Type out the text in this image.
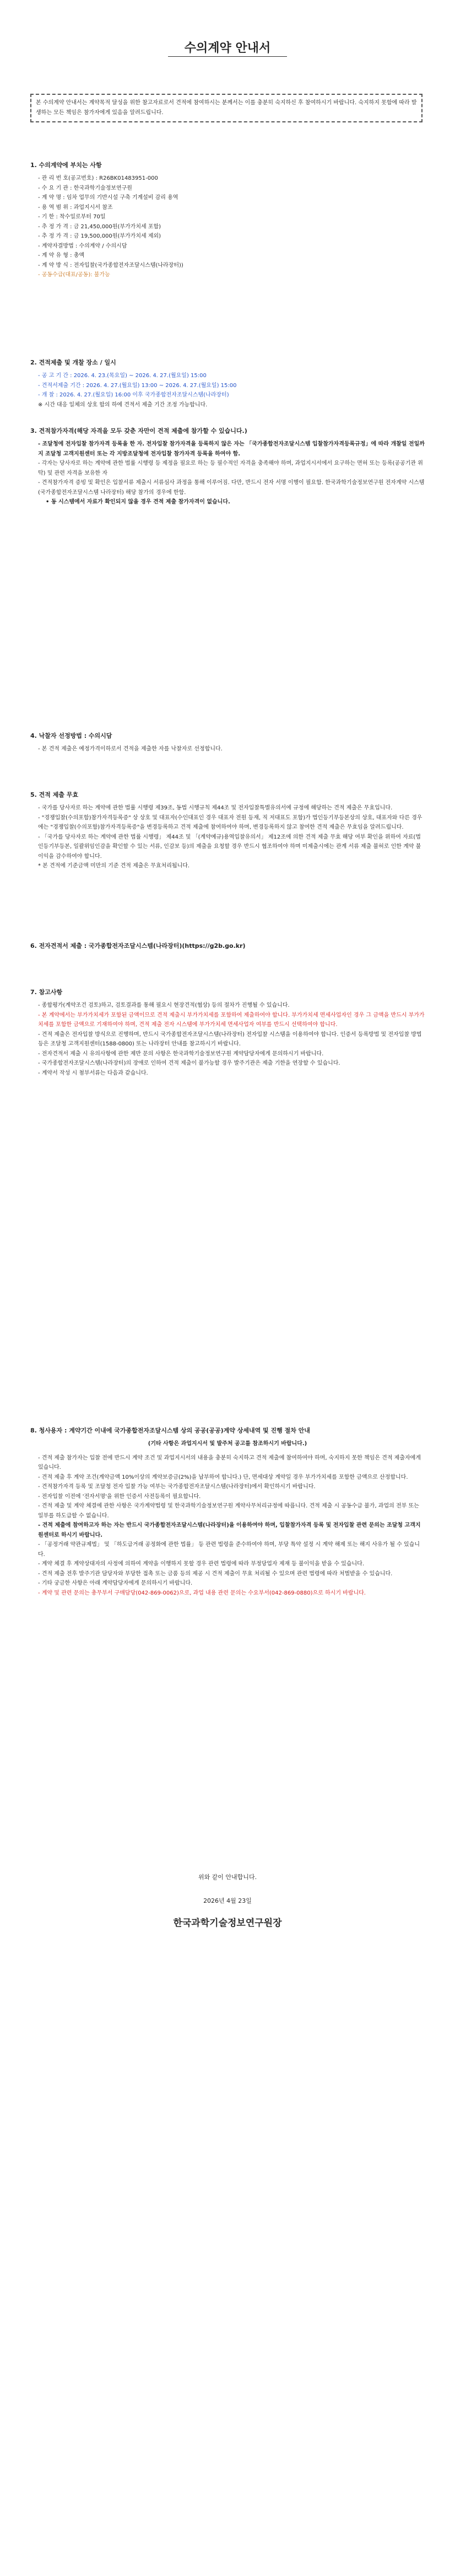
수의계약 안내서
본 수의계약 안내서는 계약목적 달성을 위한 참고자료로서 견적에 참여하시는 분께서는 이를 충분히 숙지하신 후 참여하시기 바랍니다. 숙지하지 못함에 따라 발생하는 모든 책임은 참가자에게 있음을 알려드립니다.

1. 수의계약에 부치는 사항

- 관 리 번 호(공고번호) : R26BK01483951-000

- 수 요 기 관 : 한국과학기술정보연구원

- 계 약 명 : 임차 업무의 기반시설 구축 기계설비 감리 용역

- 용 역 범 위 : 과업지시서 참조

- 기 한 : 착수일로부터 70일

- 추 정 가 격 : 금 21,450,000원(부가가치세 포함)

- 추 정 가 격 : 금 19,500,000원(부가가치세 제외)

- 계약자결방법 : 수의계약 / 수의시담

- 계 약 유 형 : 총액

- 계 약 방 식 : 전자입찰(국가종합전자조달시스템(나라장터))

- 공동수급(대표/공동): 불가능

2. 견적제출 및 개찰 장소 / 일시

- 공 고 기 간 : 2026. 4. 23.(목요일) ~ 2026. 4. 27.(월요일) 15:00

- 견적서제출 기간 : 2026. 4. 27.(월요일) 13:00 ~ 2026. 4. 27.(월요일) 15:00

- 개 찰 : 2026. 4. 27.(월요일) 16:00 이후 국가종합전자조달시스템(나라장터)

※ 시간 대응 일체의 상호 합의 하에 견적서 제출 기간 조정 가능합니다.

3. 견적참가자격(해당 자격을 모두 갖춘 자만이 견적 제출에 참가할 수 있습니다.)

- 조달청에 전자입찰 참가자격 등록을 한 자. 전자입찰 참가자격을 등록하지 않은 자는 「국가종합전자조달시스템 입찰참가자격등록규정」에 따라 개찰일 전일까지 조달청 고객지원센터 또는 각 지방조달청에 전자입찰 참가자격 등록을 하여야 함.

- 각자는 당사자로 하는 계약에 관한 법률 시행령 등 제정을 필요로 하는 등 필수적인 자격을 충족해야 하며, 과업지시서에서 요구하는 면허 또는 등록(공공기관 위탁) 및 관련 자격을 보유한 자

- 견적참가자격 증빙 및 확인은 입찰서류 제출시 서류심사 과정을 통해 이루어짐. 다만, 반드시 전자 서명 이행이 필요함. 한국과학기술정보연구원 전자계약 시스템(국가종합전자조달시스템 나라장터) 해당 참가의 경우에 한함.

• 동 시스템에서 자료가 확인되지 않을 경우 견적 제출 참가자격이 없습니다.

4. 낙찰자 선정방법 : 수의시담

- 본 견적 제출은 예정가격이하로서 견적을 제출한 자를 낙찰자로 선정합니다.

5. 견적 제출 무효

- 국가를 당사자로 하는 계약에 관한 법률 시행령 제39조, 동법 시행규칙 제44조 및 전자입찰특별유의서에 규정에 해당하는 견적 제출은 무효입니다.

- "경쟁입찰(수의포함)참가자격등록증" 상 상호 및 대표자(수인대표인 경우 대표자 전원 등재, 직 저대표도 포함)가 법인등기부등본상의 상호, 대표자와 다른 경우에는 "경쟁입찰(수의포함)참가자격등록증"을 변경등록하고 견적 제출에 참여하여야 하며, 변경등록하지 않고 참여한 견적 제출은 무효임을 알려드립니다.

- 「국가를 당사자로 하는 계약에 관한 법률 시행령」 제44조 및 「(계약예규)용역입찰유의서」 제12조에 의한 견적 제출 무효 해당 여부 확인을 위하여 자료(법인등기부등본, 일괄위임인감을 확인할 수 있는 서류, 인감보 등)의 제출을 요청할 경우 반드시 협조하여야 하며 미제출시에는 관계 서류 제출 불허로 인한 계약 불이익을 감수하여야 합니다.

* 본 견적에 기준금액 미만의 기준 견적 제출은 무효처리됩니다.

6. 전자견적서 제출 : 국가종합전자조달시스템(나라장터)(https://g2b.go.kr)

7. 참고사항

- 종합평가(계약조건 검토)하고, 검토결과를 통해 필요시 현장견적(협상) 등의 절차가 진행될 수 있습니다.

- 본 계약에서는 부가가치세가 포함된 금액이므로 견적 제출시 부가가치세를 포함하여 제출하여야 합니다. 부가가치세 면세사업자인 경우 그 금액을 반드시 부가가치세를 포함한 금액으로 기재하여야 하며, 견적 제출 전자 시스템에 부가가치세 면세사업자 여부를 반드시 선택하여야 합니다.

- 견적 제출은 전자입찰 방식으로 진행하며, 반드시 국가종합전자조달시스템(나라장터) 전자입찰 시스템을 이용하여야 합니다. 인증서 등록방법 및 전자입찰 방법 등은 조달청 고객지원센터(1588-0800) 또는 나라장터 안내를 참고하시기 바랍니다.

- 전자견적서 제출 시 유의사항에 관한 제반 문의 사항은 한국과학기술정보연구원 계약담당자에게 문의하시기 바랍니다.

- 국가종합전자조달시스템(나라장터)의 장애로 인하여 견적 제출이 불가능할 경우 발주기관은 제출 기한을 연장할 수 있습니다.

- 계약서 작성 시 첨부서류는 다음과 같습니다.

8. 청사용자 : 계약기간 이내에 국가종합전자조달시스템 상의 공공(공공)계약 상세내역 및 진행 절차 안내

(기타 사항은 과업지시서 및 발주처 공고를 참조하시기 바랍니다.)

- 견적 제출 참가자는 입찰 전에 반드시 계약 조건 및 과업지시서의 내용을 충분히 숙지하고 견적 제출에 참여하여야 하며, 숙지하지 못한 책임은 견적 제출자에게 있습니다.

- 견적 제출 후 계약 조건(계약금액 10%이상의 계약보증금(2%)을 납부하여 합니다.) 단, 면세대상 계약일 경우 부가가치세를 포함한 금액으로 산정합니다.

- 견적참가자격 등록 및 조달청 전자 입찰 가능 여부는 국가종합전자조달시스템(나라장터)에서 확인하시기 바랍니다.

- 전자입찰 이전에 '전자서명'을 위한 인증서 사전등록이 필요합니다.

- 견적 제출 및 계약 체결에 관한 사항은 국가계약법령 및 한국과학기술정보연구원 계약사무처리규정에 따릅니다. 견적 제출 시 공동수급 불가, 과업의 전부 또는 일부를 하도급할 수 없습니다.

- 견적 제출에 참여하고자 하는 자는 반드시 국가종합전자조달시스템(나라장터)을 이용하여야 하며, 입찰참가자격 등록 및 전자입찰 관련 문의는 조달청 고객지원센터로 하시기 바랍니다.

- 「공정거래 약관규제법」 및 「하도급거래 공정화에 관한 법률」 등 관련 법령을 준수하여야 하며, 부당 특약 설정 시 계약 해제 또는 해지 사유가 될 수 있습니다.

- 계약 체결 후 계약상대자의 사정에 의하여 계약을 이행하지 못할 경우 관련 법령에 따라 부정당업자 제재 등 불이익을 받을 수 있습니다.

- 견적 제출 전후 발주기관 담당자와 부당한 접촉 또는 금품 등의 제공 시 견적 제출이 무효 처리될 수 있으며 관련 법령에 따라 처벌받을 수 있습니다.

- 기타 궁금한 사항은 아래 계약담당자에게 문의하시기 바랍니다.

- 계약 및 관련 문의는 총무부서 구매담당(042-869-0062)으로, 과업 내용 관련 문의는 수요부서(042-869-0880)으로 하시기 바랍니다.

위와 같이 안내합니다.
2026년 4월 23일
한국과학기술정보연구원장
